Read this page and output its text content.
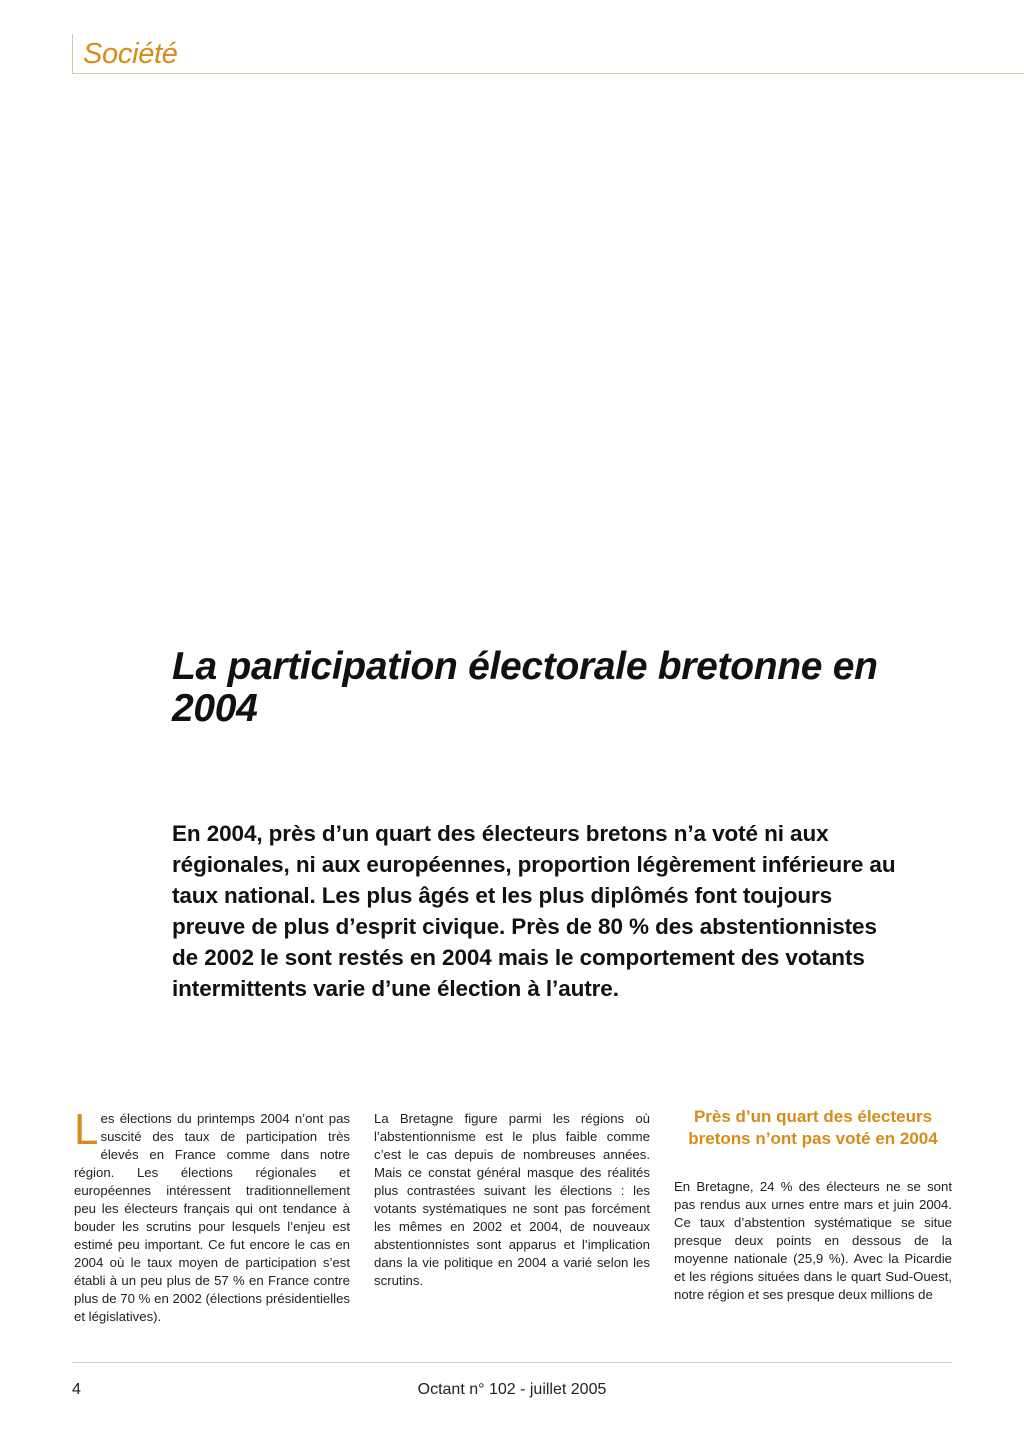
Société
La participation électorale bretonne en 2004

En 2004, près d’un quart des électeurs bretons n’a voté ni aux régionales, ni aux européennes, proportion légèrement inférieure au taux national. Les plus âgés et les plus diplômés font toujours preuve de plus d’esprit civique. Près de 80 % des abstentionnistes de 2002 le sont restés en 2004 mais le comportement des votants intermittents varie d’une élection à l’autre.

Les élections du printemps 2004 n’ont pas suscité des taux de participation très élevés en France comme dans notre région. Les élections régionales et européennes intéressent traditionnellement peu les électeurs français qui ont tendance à bouder les scrutins pour lesquels l’enjeu est estimé peu important. Ce fut encore le cas en 2004 où le taux moyen de participation s’est établi à un peu plus de 57 % en France contre plus de 70 % en 2002 (élections présidentielles et législatives).

La Bretagne figure parmi les régions où l’abstentionnisme est le plus faible comme c’est le cas depuis de nombreuses années. Mais ce constat général masque des réalités plus contrastées suivant les élections : les votants systématiques ne sont pas forcément les mêmes en 2002 et 2004, de nouveaux abstentionnistes sont apparus et l’implication dans la vie politique en 2004 a varié selon les scrutins.

Près d’un quart des électeurs bretons n’ont pas voté en 2004

En Bretagne, 24 % des électeurs ne se sont pas rendus aux urnes entre mars et juin 2004. Ce taux d’abstention systématique se situe presque deux points en dessous de la moyenne nationale (25,9 %). Avec la Picardie et les régions situées dans le quart Sud-Ouest, notre région et ses presque deux millions de

4	Octant n° 102 - juillet 2005
